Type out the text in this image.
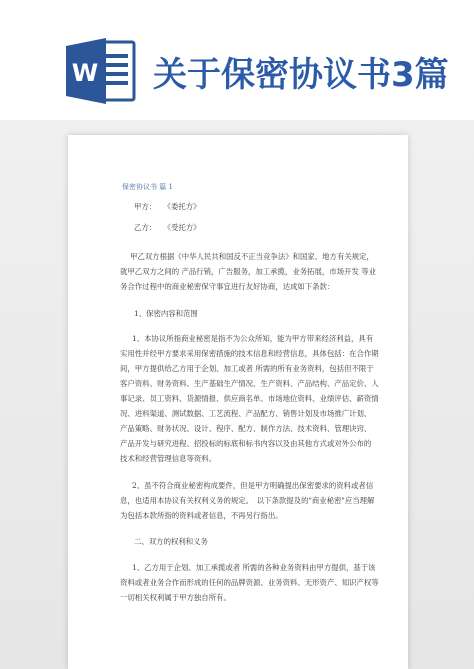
W 关于保密协议书3篇
保密协议书 篇 1
甲方：　　《委托方》
乙方：　　《受托方》
甲乙双方根据《中华人民共和国反不正当竞争法》和国家、地方有关规定，
就甲乙双方之间的 产品行销，广告服务，加工承揽，业务拓展，市场开发 等业
务合作过程中的商业秘密保守事宜进行友好协商，达成如下条款：
1、保密内容和范围
1、本协议所指商业秘密是指不为公众所知，能为甲方带来经济利益，具有
实用性并经甲方要求采用保密措施的技术信息和经营信息，具体包括：在合作期
间，甲方提供给乙方用于企划、加工或者 所需的所有业务资料，包括但不限于
客户资料、财务资料、生产基础生产情况、生产资料、产品结构、产品定价、人
事记录、员工资料、货源情报、供应商名单、市场地位资料、业绩评估、薪资情
况、进料渠道、测试数据、工艺流程、产品配方、销售计划及市场推广计划、
产品策略、财务状况、设计、程序、配方、制作方法、技术资料、管理诀窍、
产品开发与研究进程、招投标的标底和标书内容以及由其他方式或对外公布的
技术和经营管理信息等资料。
2、虽不符合商业秘密构成要件，但是甲方明确提出保密要求的资料或者信
息，也适用本协议有关权利义务的规定。　以下条款提及的"商业秘密"应当理解
为包括本款所指的资料或者信息，不再另行指出。
二、双方的权利和义务
1、乙方用于企划、加工承揽或者 所需的各种业务资料由甲方提供，基于该
资料或者业务合作而形成的任何的品牌资源、业务资料、无形资产、知识产权等
一切相关权利属于甲方独自所有。
